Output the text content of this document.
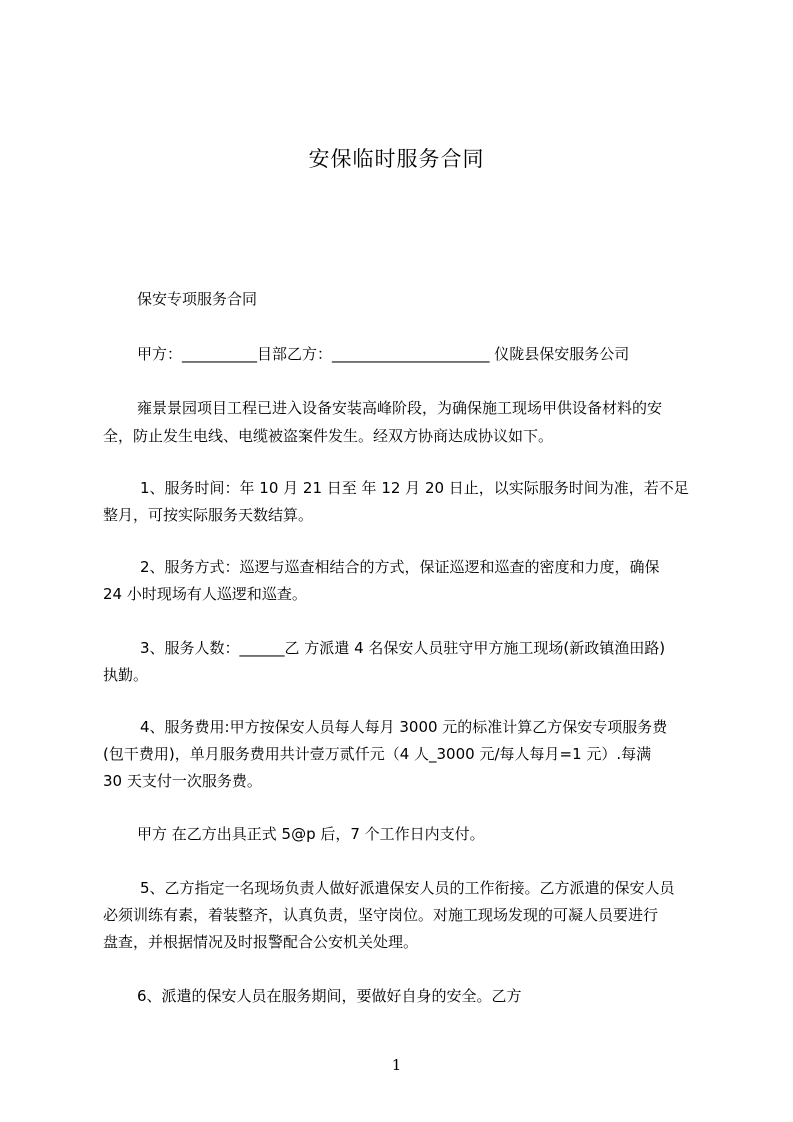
安保临时服务合同
保安专项服务合同
甲方：__________目部乙方：_____________________ 仪陇县保安服务公司
雍景景园项目工程已进入设备安装高峰阶段，为确保施工现场甲供设备材料的安
全，防止发生电线、电缆被盗案件发生。经双方协商达成协议如下。
1、服务时间：年 10 月 21 日至 年 12 月 20 日止，以实际服务时间为准，若不足
整月，可按实际服务天数结算。
2、服务方式：巡逻与巡查相结合的方式，保证巡逻和巡查的密度和力度，确保
24 小时现场有人巡逻和巡查。
3、服务人数：______乙 方派遣 4 名保安人员驻守甲方施工现场(新政镇渔田路)
执勤。
4、服务费用:甲方按保安人员每人每月 3000 元的标准计算乙方保安专项服务费
(包干费用)，单月服务费用共计壹万贰仟元（4 人_3000 元/每人每月=1 元）.每满
30 天支付一次服务费。
甲方 在乙方出具正式 5@p 后，7 个工作日内支付。
5、乙方指定一名现场负责人做好派遣保安人员的工作衔接。乙方派遣的保安人员
必须训练有素，着装整齐，认真负责，坚守岗位。对施工现场发现的可凝人员要进行
盘查，并根据情况及时报警配合公安机关处理。
6、派遣的保安人员在服务期间，要做好自身的安全。乙方
1
